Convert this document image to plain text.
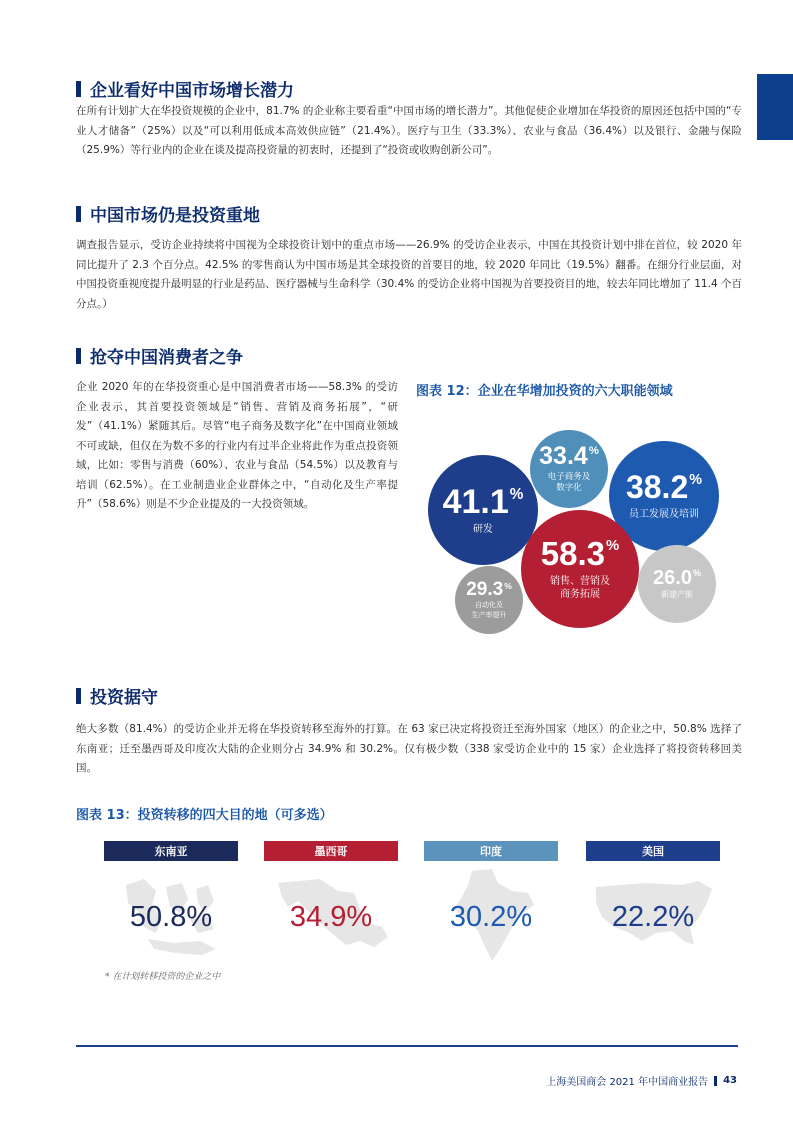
企业看好中国市场增长潜力
在所有计划扩大在华投资规模的企业中，81.7% 的企业称主要看重“中国市场的增长潜力”。其他促使企业增加在华投资的原因还包括中国的“专业人才储备”（25%）以及“可以利用低成本高效供应链”（21.4%）。医疗与卫生（33.3%）、农业与食品（36.4%）以及银行、金融与保险（25.9%）等行业内的企业在谈及提高投资量的初衷时，还提到了“投资或收购创新公司”。
中国市场仍是投资重地
调查报告显示，受访企业持续将中国视为全球投资计划中的重点市场——26.9% 的受访企业表示，中国在其投资计划中排在首位，较 2020 年同比提升了 2.3 个百分点。42.5% 的零售商认为中国市场是其全球投资的首要目的地，较 2020 年同比（19.5%）翻番。在细分行业层面，对中国投资重视度提升最明显的行业是药品、医疗器械与生命科学（30.4% 的受访企业将中国视为首要投资目的地，较去年同比增加了 11.4 个百分点。）
抢夺中国消费者之争
企业 2020 年的在华投资重心是中国消费者市场——58.3% 的受访企业表示，其首要投资领域是“销售、营销及商务拓展”，“研发”（41.1%）紧随其后。尽管“电子商务及数字化”在中国商业领域不可或缺，但仅在为数不多的行业内有过半企业将此作为重点投资领域，比如：零售与消费（60%）、农业与食品（54.5%）以及教育与培训（62.5%）。在工业制造业企业群体之中，“自动化及生产率提升”（58.6%）则是不少企业提及的一大投资领域。
图表 12：企业在华增加投资的六大职能领域
41.1%
研发
33.4%
电子商务及
数字化 38.2%
员工发展及培训
58.3%
销售、营销及
商务拓展
29.3%
自动化及
生产率提升
26.0%
新建产能
投资据守
绝大多数（81.4%）的受访企业并无将在华投资转移至海外的打算。在 63 家已决定将投资迁至海外国家（地区）的企业之中，50.8% 选择了东南亚；迁至墨西哥及印度次大陆的企业则分占 34.9% 和 30.2%。仅有极少数（338 家受访企业中的 15 家）企业选择了将投资转移回美国。
图表 13：投资转移的四大目的地（可多选）
东南亚
50.8%
墨西哥
34.9%
印度
30.2%
美国
22.2%
* 在计划转移投资的企业之中
上海美国商会 2021 年中国商业报告 43
